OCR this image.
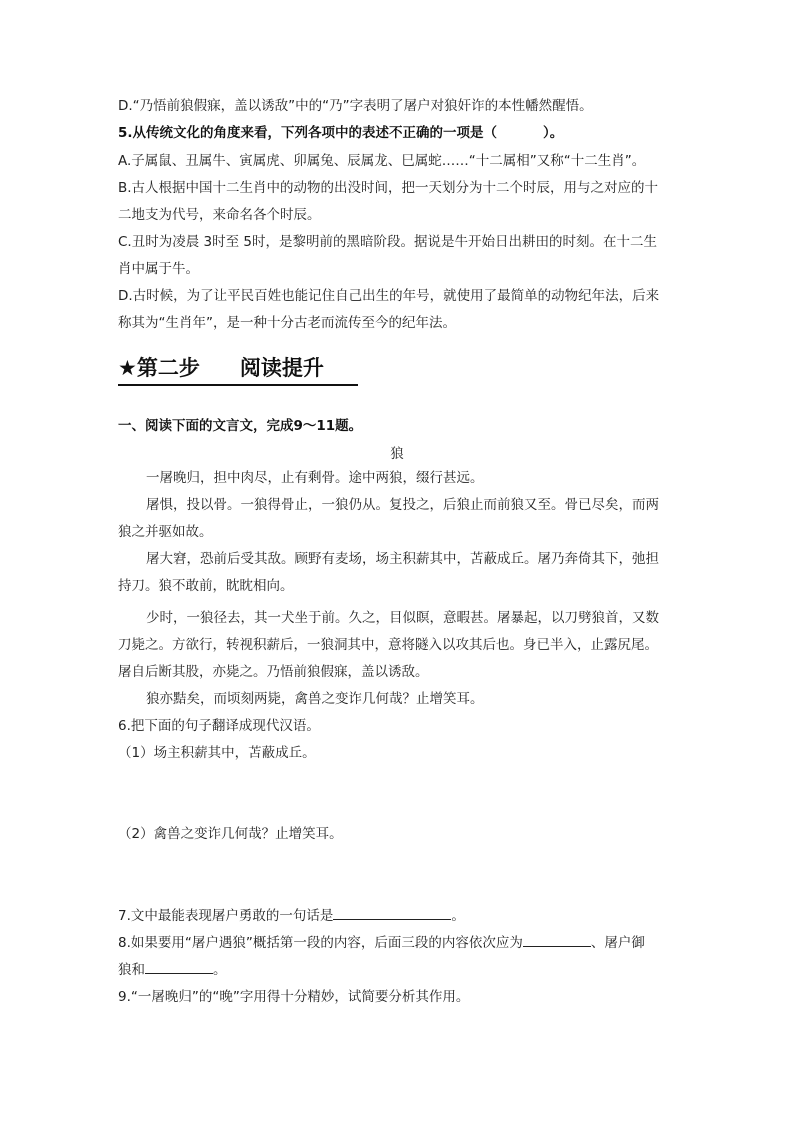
D.“乃悟前狼假寐，盖以诱敌”中的“乃”字表明了屠户对狼奸诈的本性幡然醒悟。
5.从传统文化的角度来看，下列各项中的表述不正确的一项是（	）。
A.子属鼠、丑属牛、寅属虎、卯属兔、辰属龙、巳属蛇……“十二属相”又称“十二生肖”。
B.古人根据中国十二生肖中的动物的出没时间，把一天划分为十二个时辰，用与之对应的十
二地支为代号，来命名各个时辰。
C.丑时为凌晨 3时至 5时，是黎明前的黑暗阶段。据说是牛开始日出耕田的时刻。在十二生
肖中属于牛。
D.古时候，为了让平民百姓也能记住自己出生的年号，就使用了最简单的动物纪年法，后来
称其为“生肖年”，是一种十分古老而流传至今的纪年法。
★第二步 阅读提升
一、阅读下面的文言文，完成9～11题。
狼
一屠晚归，担中肉尽，止有剩骨。途中两狼，缀行甚远。
屠惧，投以骨。一狼得骨止，一狼仍从。复投之，后狼止而前狼又至。骨已尽矣，而两
狼之并驱如故。
屠大窘，恐前后受其敌。顾野有麦场，场主积薪其中，苫蔽成丘。屠乃奔倚其下，弛担
持刀。狼不敢前，眈眈相向。
少时，一狼径去，其一犬坐于前。久之，目似瞑，意暇甚。屠暴起，以刀劈狼首，又数
刀毙之。方欲行，转视积薪后，一狼洞其中，意将隧入以攻其后也。身已半入，止露尻尾。
屠自后断其股，亦毙之。乃悟前狼假寐，盖以诱敌。
狼亦黠矣，而顷刻两毙，禽兽之变诈几何哉？止增笑耳。
6.把下面的句子翻译成现代汉语。
（1）场主积薪其中，苫蔽成丘。
（2）禽兽之变诈几何哉？止增笑耳。
7.文中最能表现屠户勇敢的一句话是	。
8.如果要用“屠户遇狼”概括第一段的内容，后面三段的内容依次应为	、屠户御
狼和	。
9.“一屠晚归”的“晚”字用得十分精妙，试简要分析其作用。
